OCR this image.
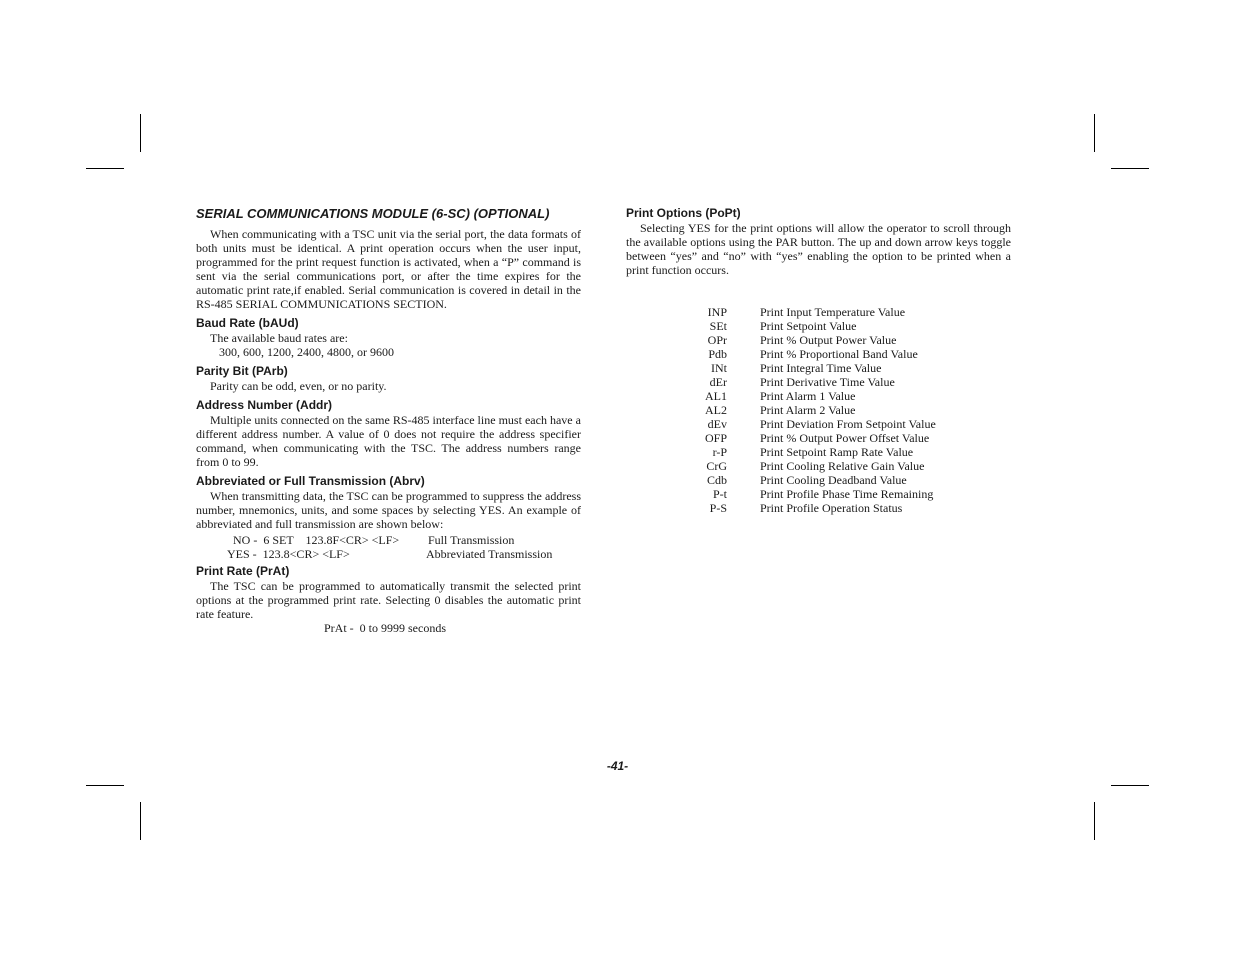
SERIAL COMMUNICATIONS MODULE (6-SC) (OPTIONAL)

When communicating with a TSC unit via the serial port, the data formats of both units must be identical. A print operation occurs when the user input, programmed for the print request function is activated, when a “P” command is sent via the serial communications port, or after the time expires for the automatic print rate,if enabled. Serial communication is covered in detail in the RS-485 SERIAL COMMUNICATIONS SECTION.

Baud Rate (bAUd)
The available baud rates are:
300, 600, 1200, 2400, 4800, or 9600
Parity Bit (PArb)
Parity can be odd, even, or no parity.
Address Number (Addr)

Multiple units connected on the same RS-485 interface line must each have a different address number. A value of 0 does not require the address specifier command, when communicating with the TSC. The address numbers range from 0 to 99.

Abbreviated or Full Transmission (Abrv)

When transmitting data, the TSC can be programmed to suppress the address number, mnemonics, units, and some spaces by selecting YES. An example of abbreviated and full transmission are shown below:

NO -  6 SET    123.8F<CR> <LF> Full Transmission
YES -  123.8<CR> <LF>	Abbreviated Transmission
Print Rate (PrAt)

The TSC can be programmed to automatically transmit the selected print options at the programmed print rate. Selecting 0 disables the automatic print rate feature.

PrAt -  0 to 9999 seconds
Print Options (PoPt)

Selecting YES for the print options will allow the operator to scroll through the available options using the PAR button. The up and down arrow keys toggle between “yes” and “no” with “yes” enabling the option to be printed when a print function occurs.

INP	Print Input Temperature Value
SEt	Print Setpoint Value
OPr	Print % Output Power Value
Pdb	Print % Proportional Band Value
INt	Print Integral Time Value
dEr	Print Derivative Time Value
AL1	Print Alarm 1 Value
AL2	Print Alarm 2 Value
dEv	Print Deviation From Setpoint Value
OFP	Print % Output Power Offset Value
r-P	Print Setpoint Ramp Rate Value
CrG	Print Cooling Relative Gain Value
Cdb	Print Cooling Deadband Value
P-t	Print Profile Phase Time Remaining
P-S	Print Profile Operation Status
-41-
